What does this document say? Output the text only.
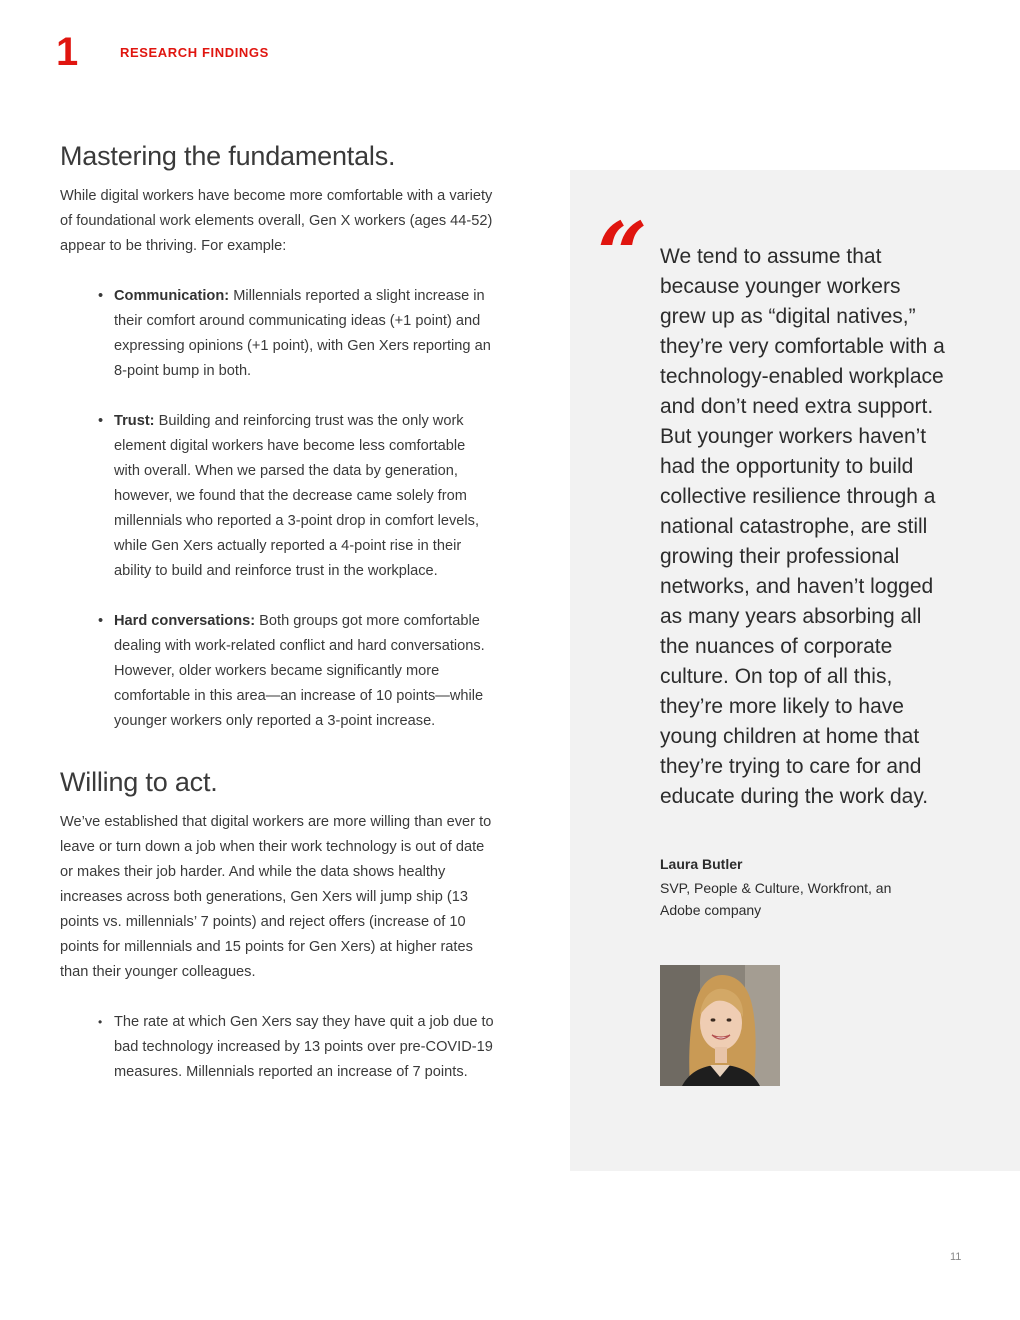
1	RESEARCH FINDINGS
Mastering the fundamentals.

While digital workers have become more comfortable with a variety of foundational work elements overall, Gen X workers (ages 44-52) appear to be thriving. For example:

• Communication: Millennials reported a slight increase in their comfort around communicating ideas (+1 point) and expressing opinions (+1 point), with Gen Xers reporting an 8-point bump in both.
• Trust: Building and reinforcing trust was the only work element digital workers have become less comfortable with overall. When we parsed the data by generation, however, we found that the decrease came solely from millennials who reported a 3-point drop in comfort levels, while Gen Xers actually reported a 4-point rise in their ability to build and reinforce trust in the workplace.
• Hard conversations: Both groups got more comfortable dealing with work-related conflict and hard conversations. However, older workers became significantly more comfortable in this area—an increase of 10 points—while younger workers only reported a 3-point increase.
Willing to act.

We’ve established that digital workers are more willing than ever to leave or turn down a job when their work technology is out of date or makes their job harder. And while the data shows healthy increases across both generations, Gen Xers will jump ship (13 points vs. millennials’ 7 points) and reject offers (increase of 10 points for millennials and 15 points for Gen Xers) at higher rates than their younger colleagues.

• The rate at which Gen Xers say they have quit a job due to bad technology increased by 13 points over pre-COVID-19 measures. Millennials reported an increase of 7 points.
“ We tend to assume that because younger workers grew up as “digital natives,” they’re very comfortable with a technology-enabled workplace and don’t need extra support. But younger workers haven’t had the opportunity to build collective resilience through a national catastrophe, are still growing their professional networks, and haven’t logged as many years absorbing all the nuances of corporate culture. On top of all this, they’re more likely to have young children at home that they’re trying to care for and educate during the work day.

Laura Butler
SVP, People & Culture, Workfront, an Adobe company
11
